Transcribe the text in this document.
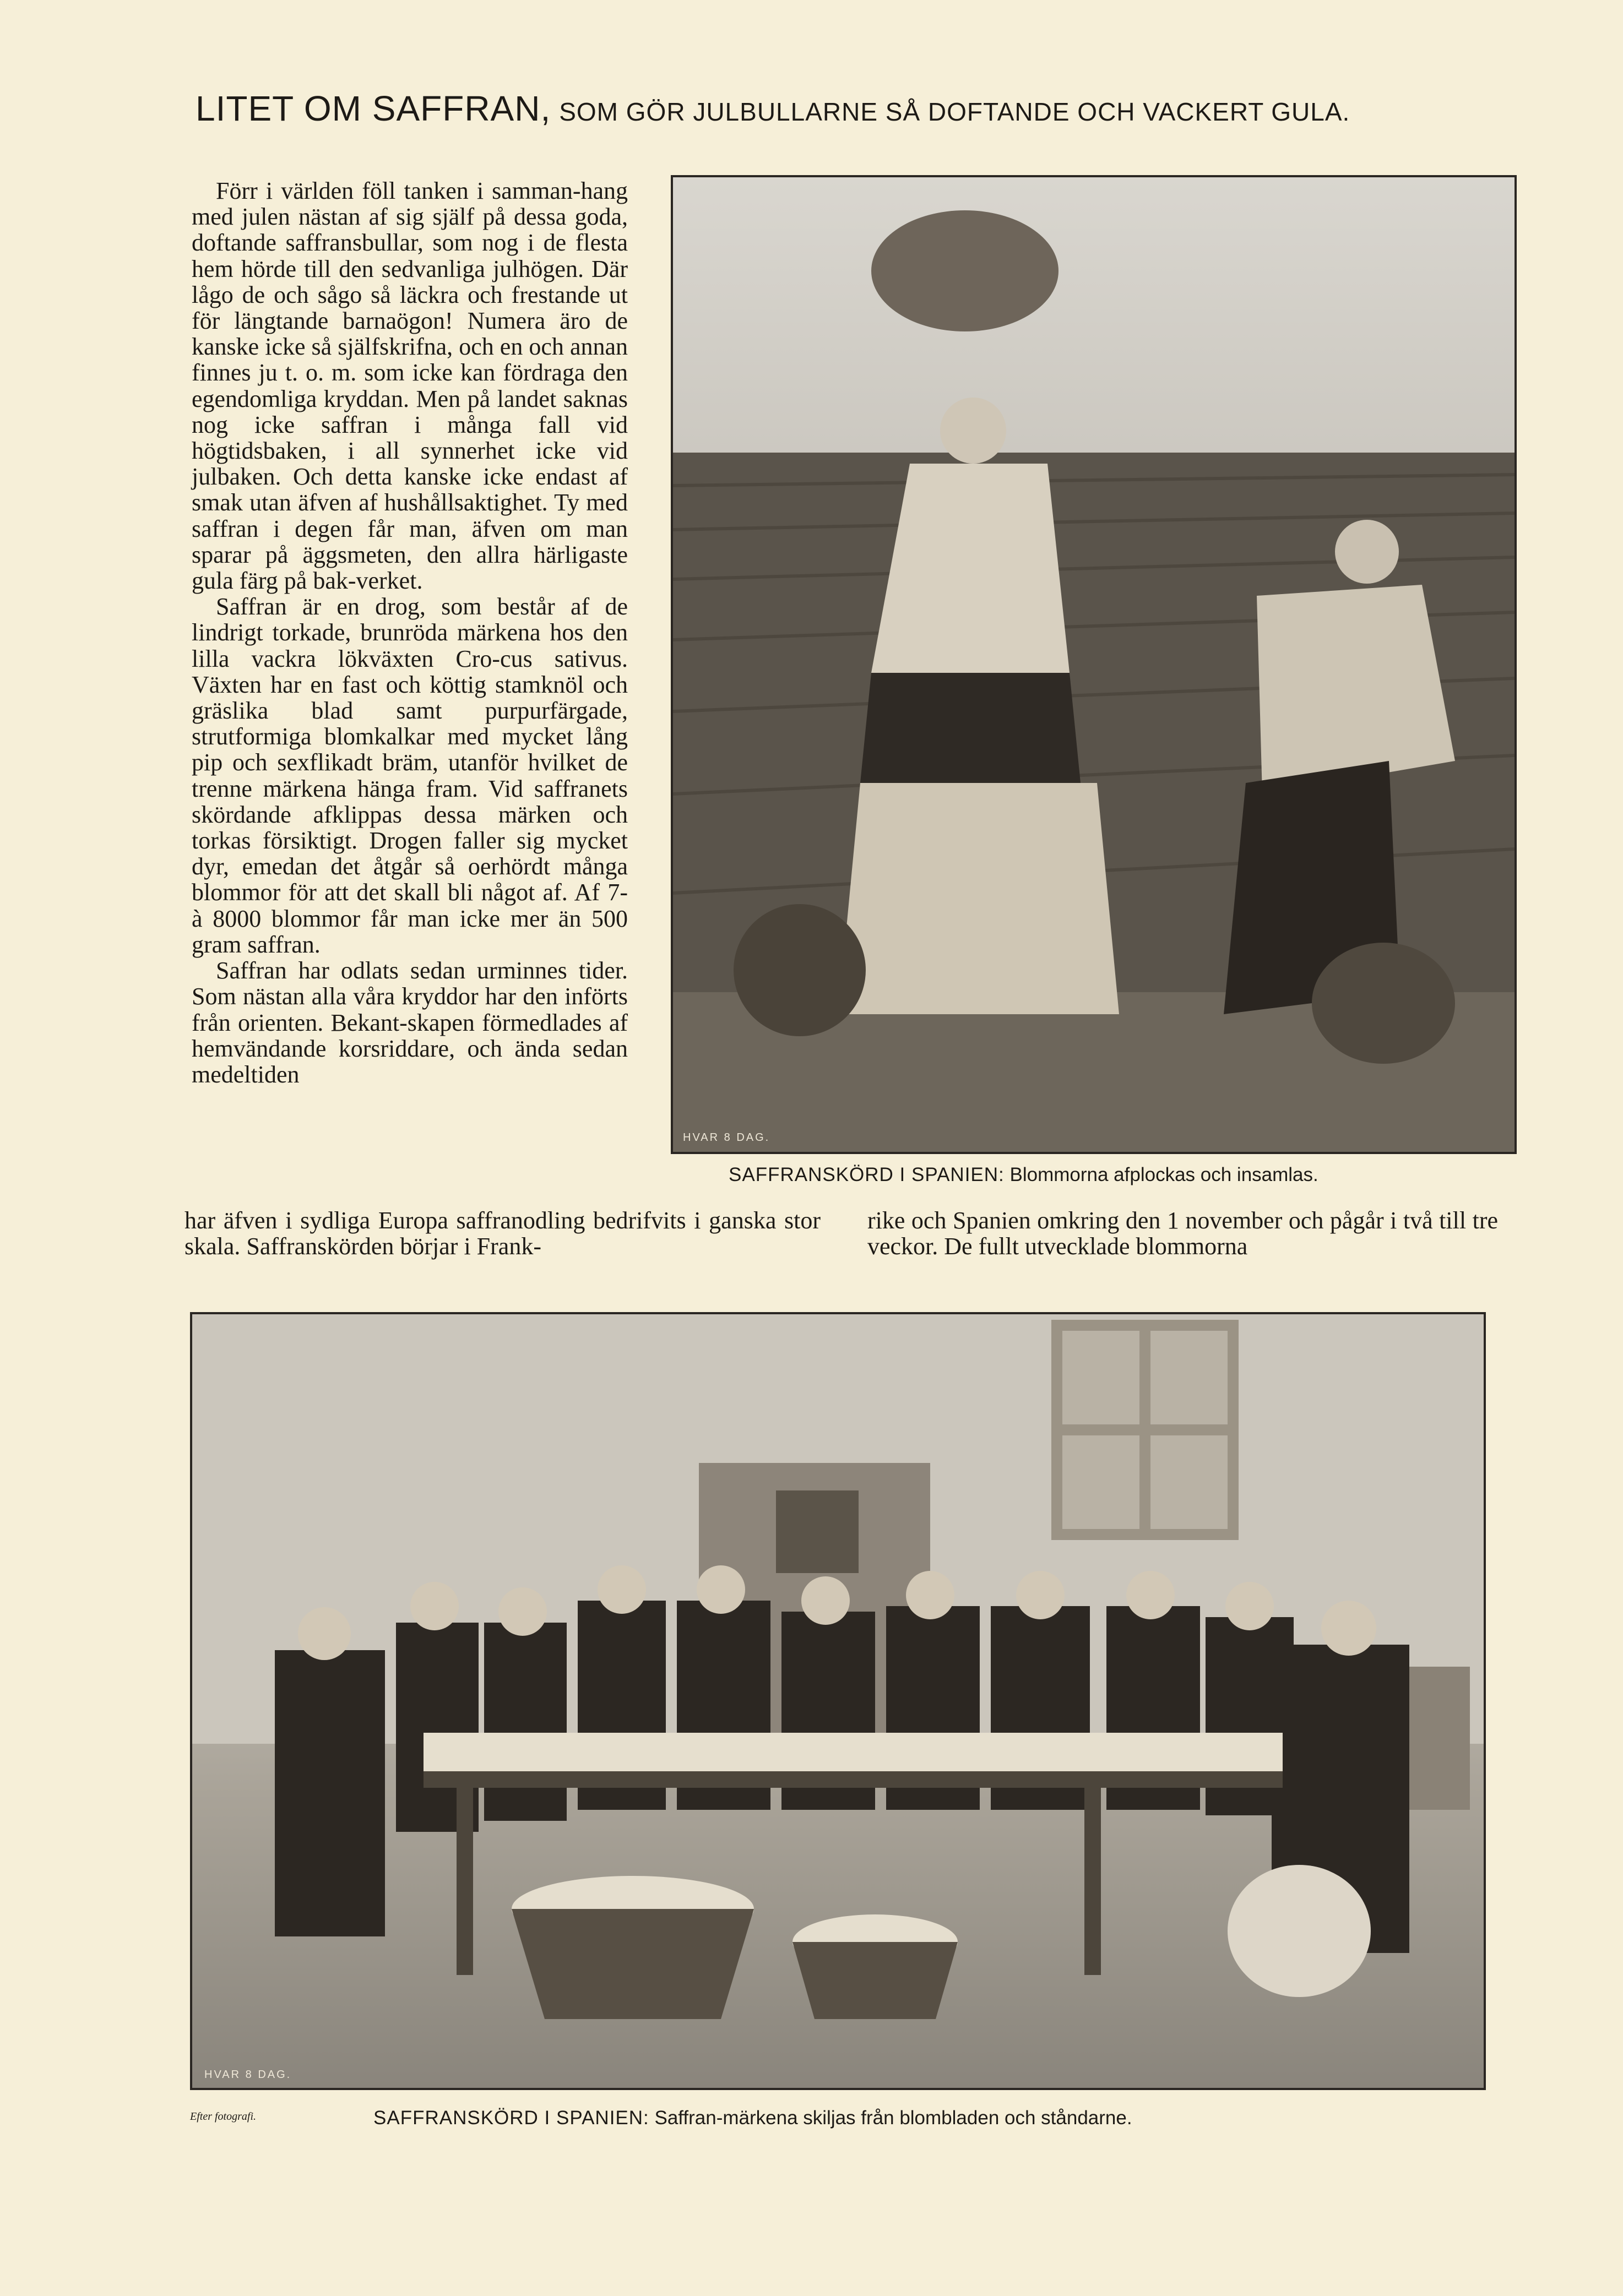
LITET OM SAFFRAN, SOM GÖR JULBULLARNE SÅ DOFTANDE OCH VACKERT GULA.

Förr i världen föll tanken i samman-hang med julen nästan af sig själf på dessa goda, doftande saffransbullar, som nog i de flesta hem hörde till den sedvanliga julhögen. Där lågo de och sågo så läckra och frestande ut för längtande barnaögon! Numera äro de kanske icke så själfskrifna, och en och annan finnes ju t. o. m. som icke kan fördraga den egendomliga kryddan. Men på landet saknas nog icke saffran i många fall vid högtidsbaken, i all synnerhet icke vid julbaken. Och detta kanske icke endast af smak utan äfven af hushållsaktighet. Ty med saffran i degen får man, äfven om man sparar på äggsmeten, den allra härligaste gula färg på bak-verket.

Saffran är en drog, som består af de lindrigt torkade, brunröda märkena hos den lilla vackra lökväxten Cro-cus sativus. Växten har en fast och köttig stamknöl och gräslika blad samt purpurfärgade, strutformiga blomkalkar med mycket lång pip och sexflikadt bräm, utanför hvilket de trenne märkena hänga fram. Vid saffranets skördande afklippas dessa märken och torkas försiktigt. Drogen faller sig mycket dyr, emedan det åtgår så oerhördt många blommor för att det skall bli något af. Af 7- à 8000 blommor får man icke mer än 500 gram saffran.

Saffran har odlats sedan urminnes tider. Som nästan alla våra kryddor har den införts från orienten. Bekant-skapen förmedlades af hemvändande korsriddare, och ända sedan medeltiden

HVAR 8 DAG.
SAFFRANSKÖRD I SPANIEN: Blommorna afplockas och insamlas.

har äfven i sydliga Europa saffranodling bedrifvits i ganska stor skala. Saffranskörden börjar i Frank-

rike och Spanien omkring den 1 november och pågår i två till tre veckor. De fullt utvecklade blommorna

HVAR 8 DAG.
Efter fotografi.	SAFFRANSKÖRD I SPANIEN: Saffran-märkena skiljas från blombladen och ståndarne.
